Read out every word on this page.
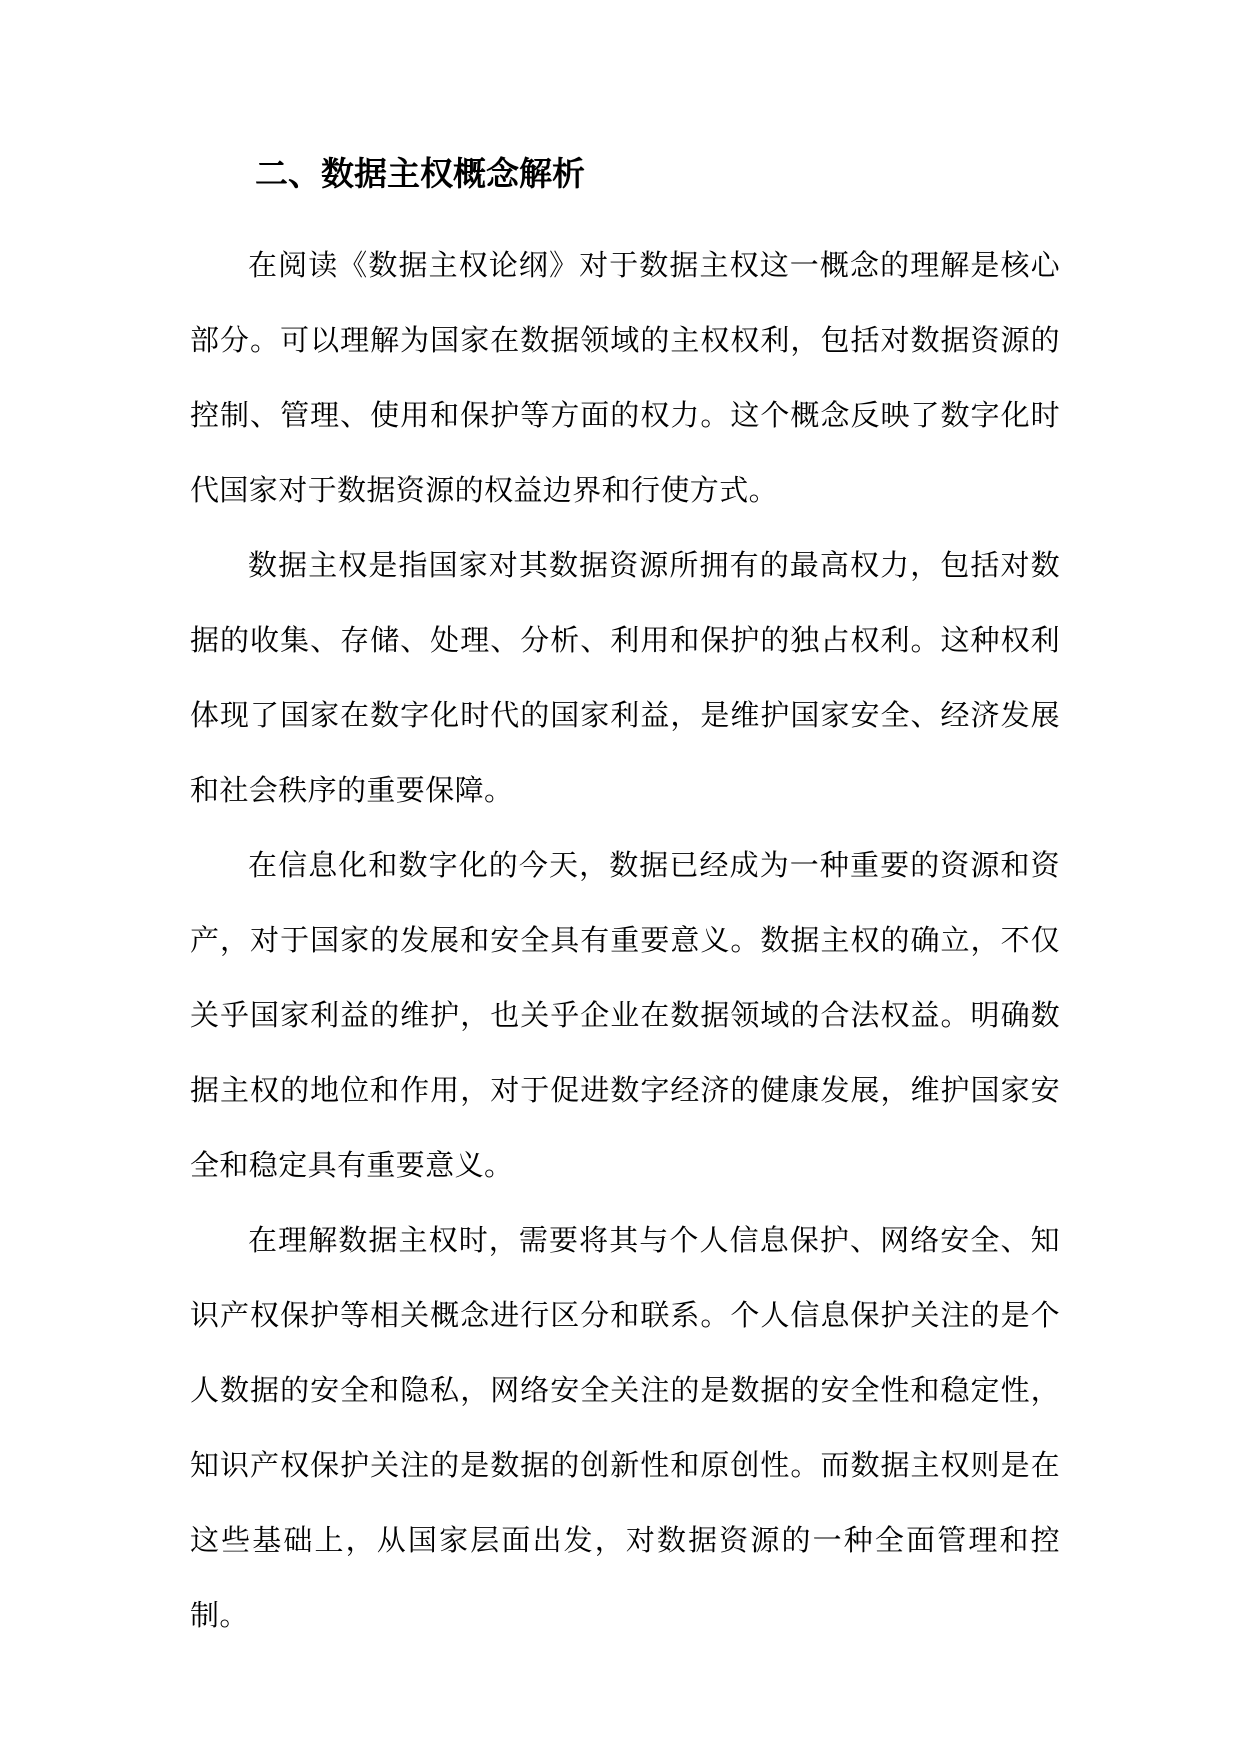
二、数据主权概念解析

在阅读《数据主权论纲》对于数据主权这一概念的理解是核心部分。可以理解为国家在数据领域的主权权利，包括对数据资源的控制、管理、使用和保护等方面的权力。这个概念反映了数字化时代国家对于数据资源的权益边界和行使方式。

数据主权是指国家对其数据资源所拥有的最高权力，包括对数据的收集、存储、处理、分析、利用和保护的独占权利。这种权利体现了国家在数字化时代的国家利益，是维护国家安全、经济发展和社会秩序的重要保障。

在信息化和数字化的今天，数据已经成为一种重要的资源和资产，对于国家的发展和安全具有重要意义。数据主权的确立，不仅关乎国家利益的维护，也关乎企业在数据领域的合法权益。明确数据主权的地位和作用，对于促进数字经济的健康发展，维护国家安全和稳定具有重要意义。

在理解数据主权时，需要将其与个人信息保护、网络安全、知识产权保护等相关概念进行区分和联系。个人信息保护关注的是个人数据的安全和隐私，网络安全关注的是数据的安全性和稳定性，知识产权保护关注的是数据的创新性和原创性。而数据主权则是在这些基础上，从国家层面出发，对数据资源的一种全面管理和控制。
